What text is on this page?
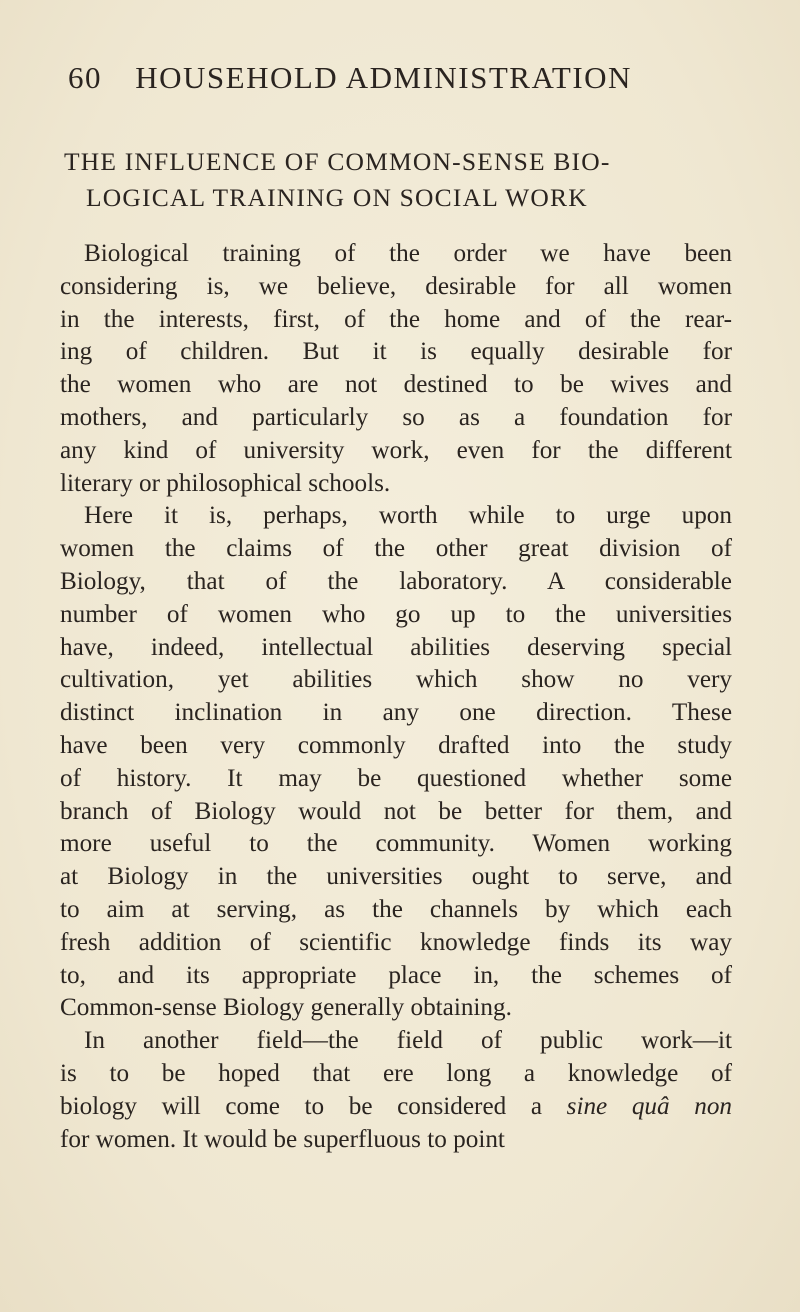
60 HOUSEHOLD ADMINISTRATION
THE INFLUENCE OF COMMON-SENSE BIO-
LOGICAL TRAINING ON SOCIAL WORK
Biological training of the order we have been
considering is, we believe, desirable for all women
in the interests, first, of the home and of the rear-
ing of children. But it is equally desirable for
the women who are not destined to be wives and
mothers, and particularly so as a foundation for
any kind of university work, even for the different
literary or philosophical schools.
Here it is, perhaps, worth while to urge upon
women the claims of the other great division of
Biology, that of the laboratory. A considerable
number of women who go up to the universities
have, indeed, intellectual abilities deserving special
cultivation, yet abilities which show no very
distinct inclination in any one direction. These
have been very commonly drafted into the study
of history. It may be questioned whether some
branch of Biology would not be better for them, and
more useful to the community. Women working
at Biology in the universities ought to serve, and
to aim at serving, as the channels by which each
fresh addition of scientific knowledge finds its way
to, and its appropriate place in, the schemes of
Common-sense Biology generally obtaining.
In another field—the field of public work—it
is to be hoped that ere long a knowledge of
biology will come to be considered a sine quâ non
for women. It would be superfluous to point
